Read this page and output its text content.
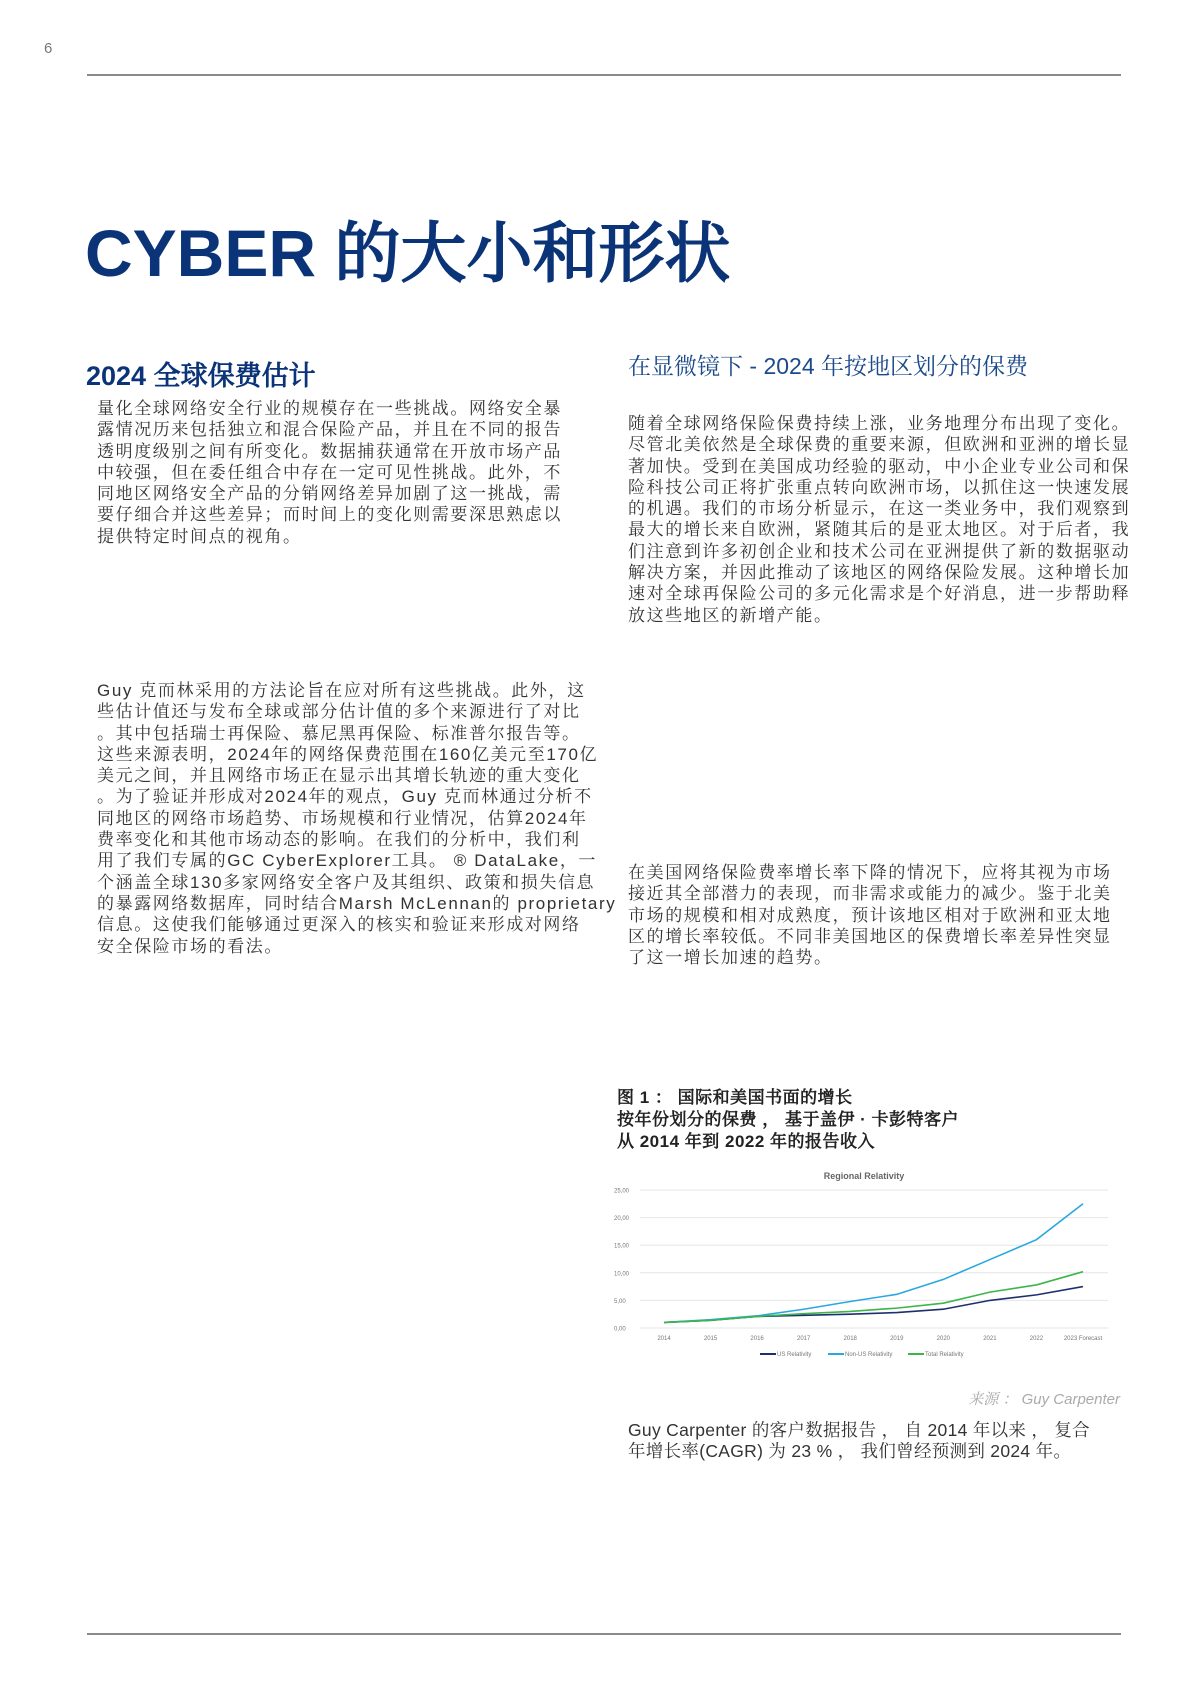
6
CYBER 的大小和形状
2024 全球保费估计
量化全球网络安全行业的规模存在一些挑战。网络安全暴
露情况历来包括独立和混合保险产品，并且在不同的报告
透明度级别之间有所变化。数据捕获通常在开放市场产品
中较强，但在委任组合中存在一定可见性挑战。此外，不
同地区网络安全产品的分销网络差异加剧了这一挑战，需
要仔细合并这些差异；而时间上的变化则需要深思熟虑以
提供特定时间点的视角。
Guy 克而林采用的方法论旨在应对所有这些挑战。此外，这
些估计值还与发布全球或部分估计值的多个来源进行了对比
。其中包括瑞士再保险、慕尼黑再保险、标准普尔报告等。
这些来源表明，2024年的网络保费范围在160亿美元至170亿
美元之间，并且网络市场正在显示出其增长轨迹的重大变化
。为了验证并形成对2024年的观点，Guy 克而林通过分析不
同地区的网络市场趋势、市场规模和行业情况，估算2024年
费率变化和其他市场动态的影响。在我们的分析中，我们利
用了我们专属的GC CyberExplorer工具。 ® DataLake，一
个涵盖全球130多家网络安全客户及其组织、政策和损失信息
的暴露网络数据库，同时结合Marsh McLennan的 proprietary
信息。这使我们能够通过更深入的核实和验证来形成对网络
安全保险市场的看法。
在显微镜下 - 2024 年按地区划分的保费
随着全球网络保险保费持续上涨，业务地理分布出现了变化。
尽管北美依然是全球保费的重要来源，但欧洲和亚洲的增长显
著加快。受到在美国成功经验的驱动，中小企业专业公司和保
险科技公司正将扩张重点转向欧洲市场，以抓住这一快速发展
的机遇。我们的市场分析显示，在这一类业务中，我们观察到
最大的增长来自欧洲，紧随其后的是亚太地区。对于后者，我
们注意到许多初创企业和技术公司在亚洲提供了新的数据驱动
解决方案，并因此推动了该地区的网络保险发展。这种增长加
速对全球再保险公司的多元化需求是个好消息，进一步帮助释
放这些地区的新增产能。
在美国网络保险费率增长率下降的情况下，应将其视为市场
接近其全部潜力的表现，而非需求或能力的减少。鉴于北美
市场的规模和相对成熟度，预计该地区相对于欧洲和亚太地
区的增长率较低。不同非美国地区的保费增长率差异性突显
了这一增长加速的趋势。
图 1 ： 国际和美国书面的增长
按年份划分的保费 ， 基于盖伊 · 卡彭特客户
从 2014 年到 2022 年的报告收入
Regional Relativity
0,00
5,00
10,00
15,00
20,00
25,00
2014	2015	2016	2017	2018	2019	2020	2021	2022	2023 Forecast
US Relativity	Non-US Relativity	Total Relativity
来源 ： Guy Carpenter
Guy Carpenter 的客户数据报告 ， 自 2014 年以来 ， 复合
年增长率(CAGR) 为 23 % ， 我们曾经预测到 2024 年。
